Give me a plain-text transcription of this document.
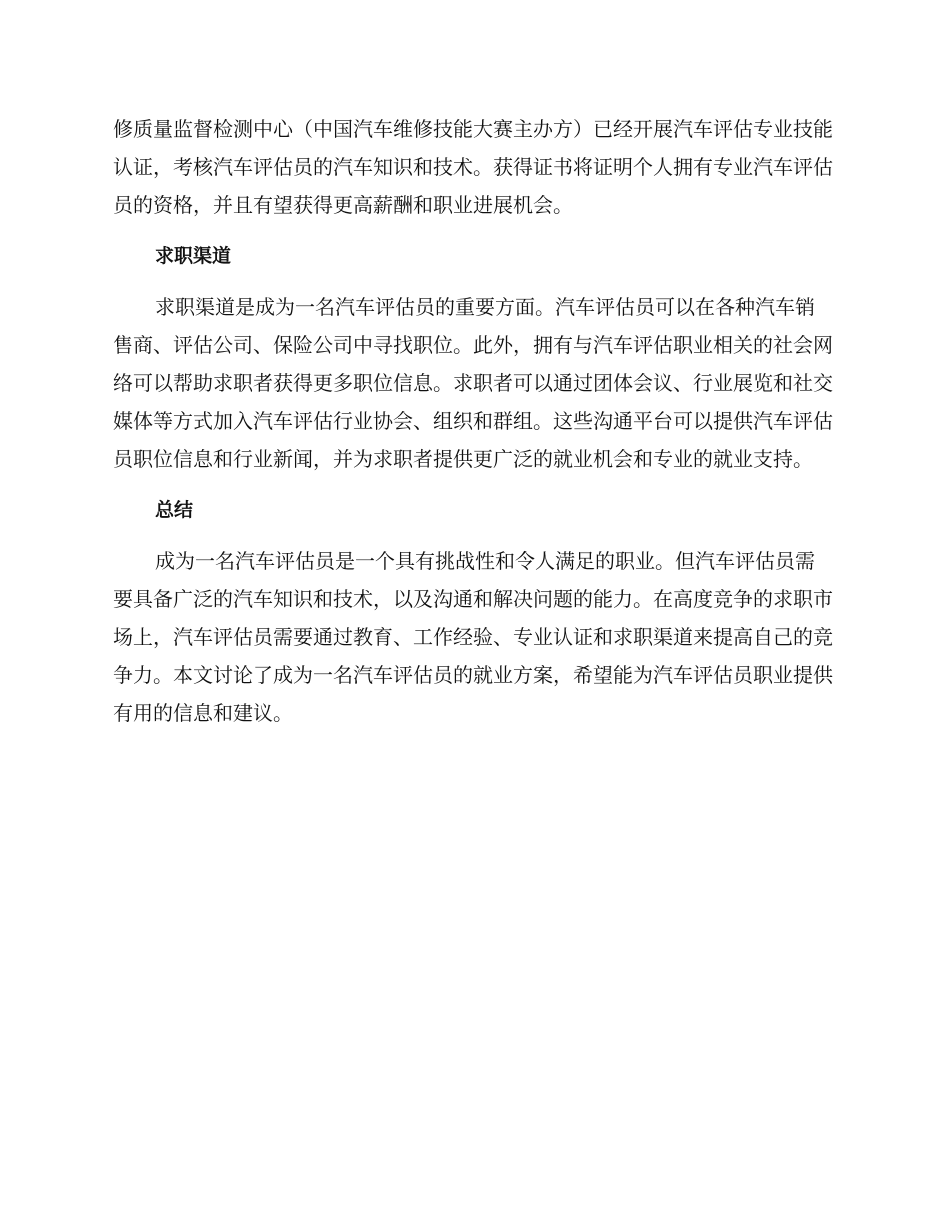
修质量监督检测中心（中国汽车维修技能大赛主办方）已经开展汽车评估专业技能认证，考核汽车评估员的汽车知识和技术。获得证书将证明个人拥有专业汽车评估员的资格，并且有望获得更高薪酬和职业进展机会。

求职渠道

求职渠道是成为一名汽车评估员的重要方面。汽车评估员可以在各种汽车销售商、评估公司、保险公司中寻找职位。此外，拥有与汽车评估职业相关的社会网络可以帮助求职者获得更多职位信息。求职者可以通过团体会议、行业展览和社交媒体等方式加入汽车评估行业协会、组织和群组。这些沟通平台可以提供汽车评估员职位信息和行业新闻，并为求职者提供更广泛的就业机会和专业的就业支持。

总结

成为一名汽车评估员是一个具有挑战性和令人满足的职业。但汽车评估员需要具备广泛的汽车知识和技术，以及沟通和解决问题的能力。在高度竞争的求职市场上，汽车评估员需要通过教育、工作经验、专业认证和求职渠道来提高自己的竞争力。本文讨论了成为一名汽车评估员的就业方案，希望能为汽车评估员职业提供有用的信息和建议。
